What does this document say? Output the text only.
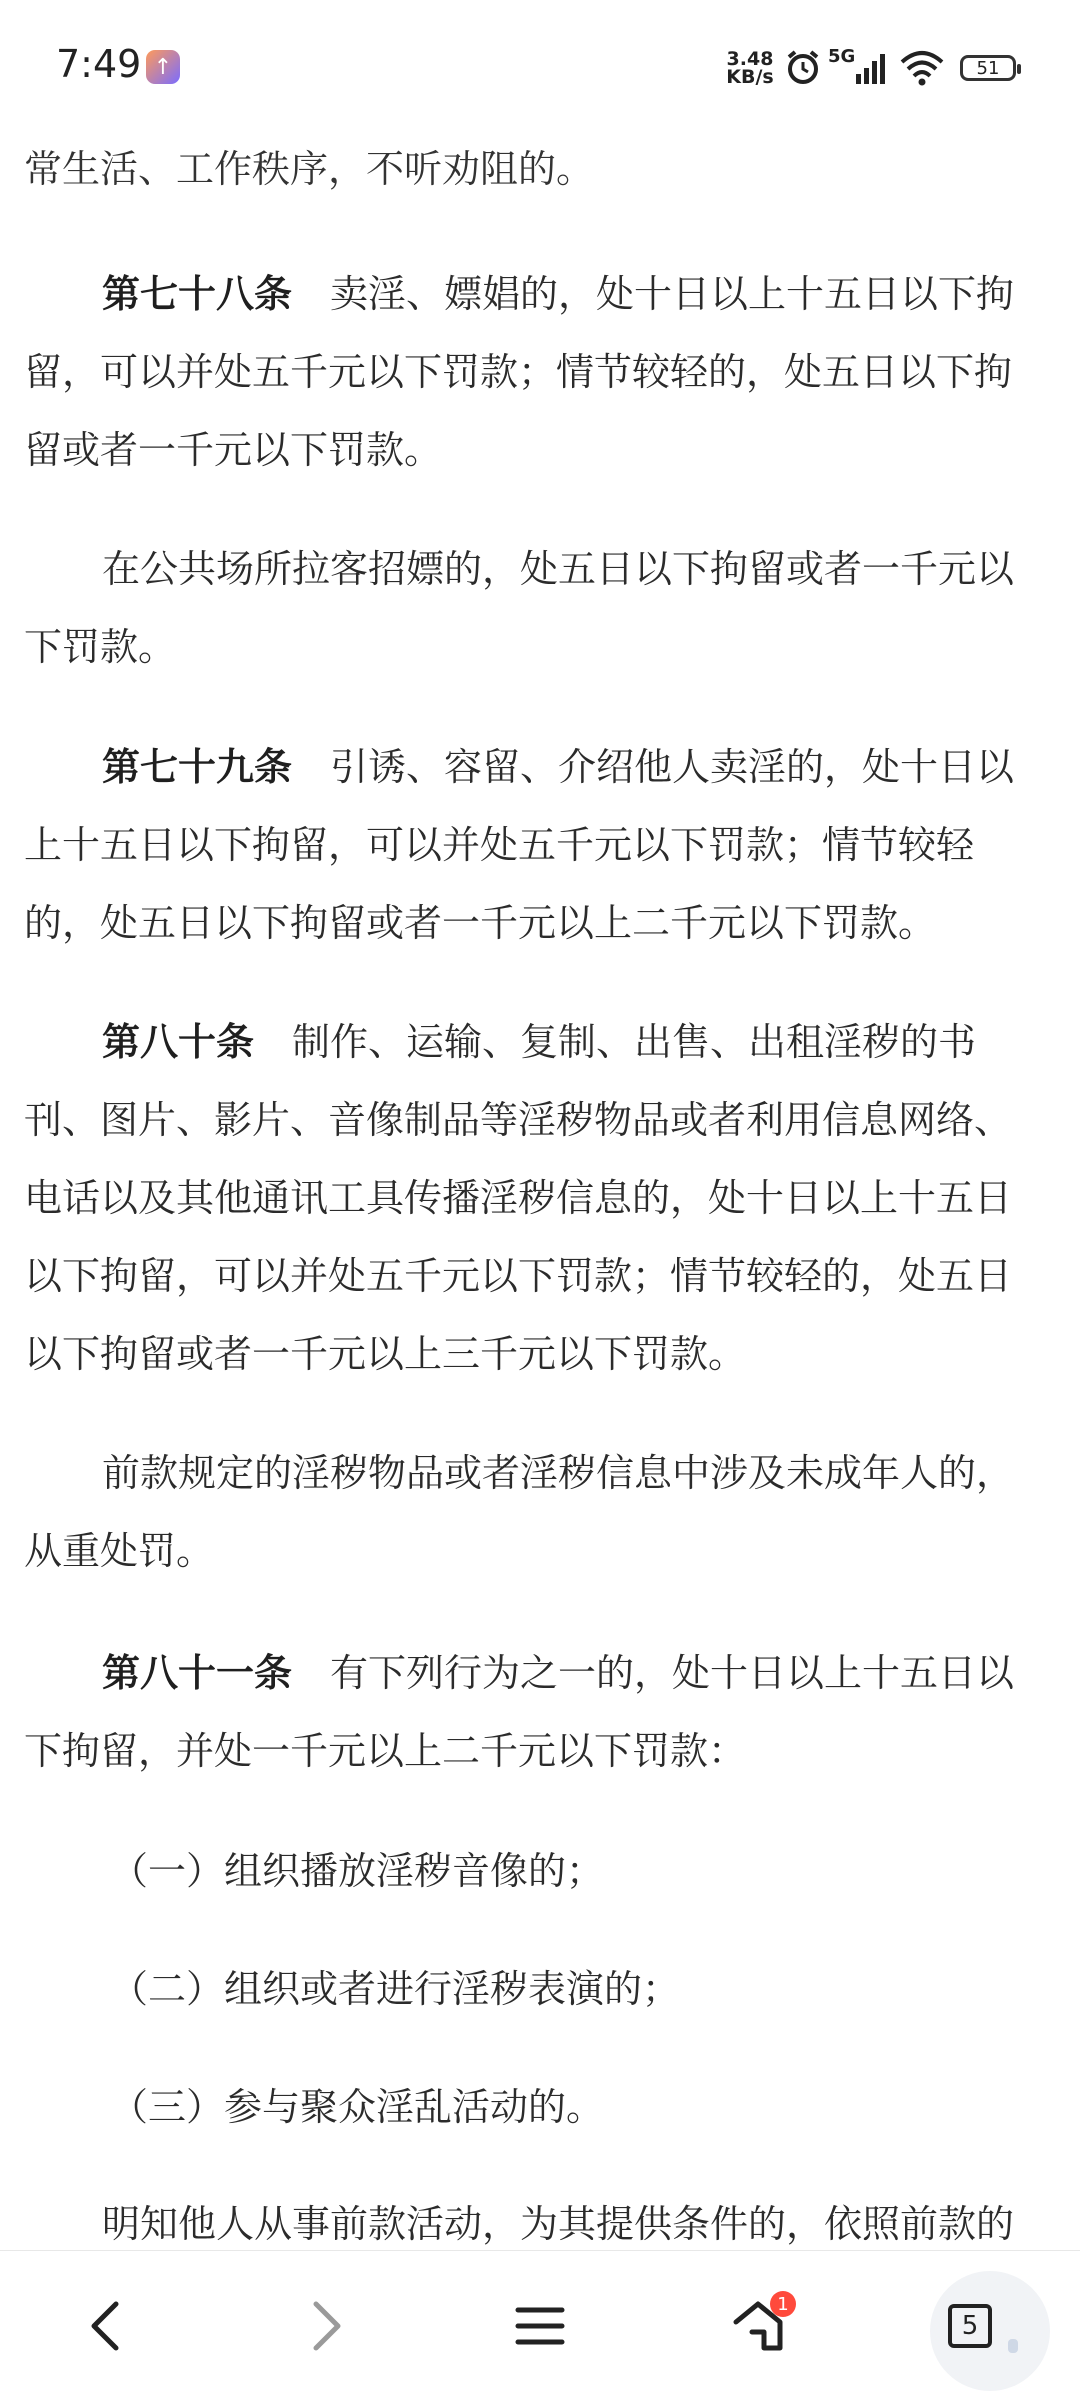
常生活、工作秩序，不听劝阻的。

第七十八条　 卖淫、嫖娼的，处十日以上十五日以下拘留，可以并处五千元以下罚款；情节较轻的，处五日以下拘留或者一千元以下罚款。

在公共场所拉客招嫖的，处五日以下拘留或者一千元以下罚款。

第七十九条　 引诱、容留、介绍他人卖淫的，处十日以上十五日以下拘留，可以并处五千元以下罚款；情节较轻的，处五日以下拘留或者一千元以上二千元以下罚款。

第八十条　 制作、运输、复制、出售、出租淫秽的书刊、图片、影片、音像制品等淫秽物品或者利用信息网络、电话以及其他通讯工具传播淫秽信息的，处十日以上十五日以下拘留，可以并处五千元以下罚款；情节较轻的，处五日以下拘留或者一千元以上三千元以下罚款。

前款规定的淫秽物品或者淫秽信息中涉及未成年人的，从重处罚。

第八十一条　 有下列行为之一的，处十日以上十五日以下拘留，并处一千元以上二千元以下罚款：

（一）组织播放淫秽音像的；

（二）组织或者进行淫秽表演的；

（三）参与聚众淫乱活动的。

明知他人从事前款活动，为其提供条件的，依照前款的

7:49 ↑	3.48
KB/s
5G
51
1
5
